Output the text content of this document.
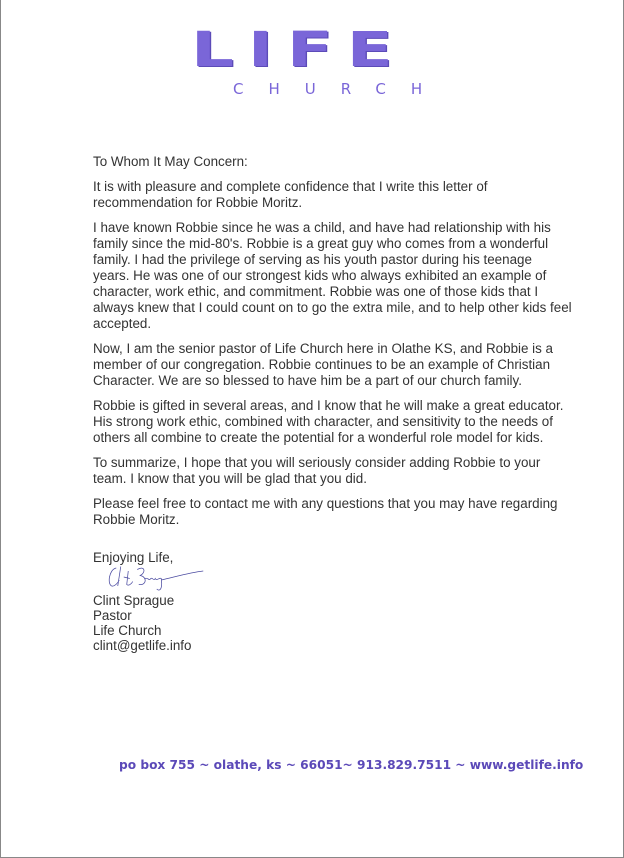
LIFE
CHURCH

To Whom It May Concern:

It is with pleasure and complete confidence that I write this letter of
recommendation for Robbie Moritz.

I have known Robbie since he was a child, and have had relationship with his
family since the mid-80's. Robbie is a great guy who comes from a wonderful
family. I had the privilege of serving as his youth pastor during his teenage
years. He was one of our strongest kids who always exhibited an example of
character, work ethic, and commitment. Robbie was one of those kids that I
always knew that I could count on to go the extra mile, and to help other kids feel
accepted.

Now, I am the senior pastor of Life Church here in Olathe KS, and Robbie is a
member of our congregation. Robbie continues to be an example of Christian
Character. We are so blessed to have him be a part of our church family.

Robbie is gifted in several areas, and I know that he will make a great educator.
His strong work ethic, combined with character, and sensitivity to the needs of
others all combine to create the potential for a wonderful role model for kids.

To summarize, I hope that you will seriously consider adding Robbie to your
team. I know that you will be glad that you did.

Please feel free to contact me with any questions that you may have regarding
Robbie Moritz.

Enjoying Life,
Clint Sprague
Pastor
Life Church
clint@getlife.info
po box 755 ~ olathe, ks ~ 66051~ 913.829.7511 ~ www.getlife.info
